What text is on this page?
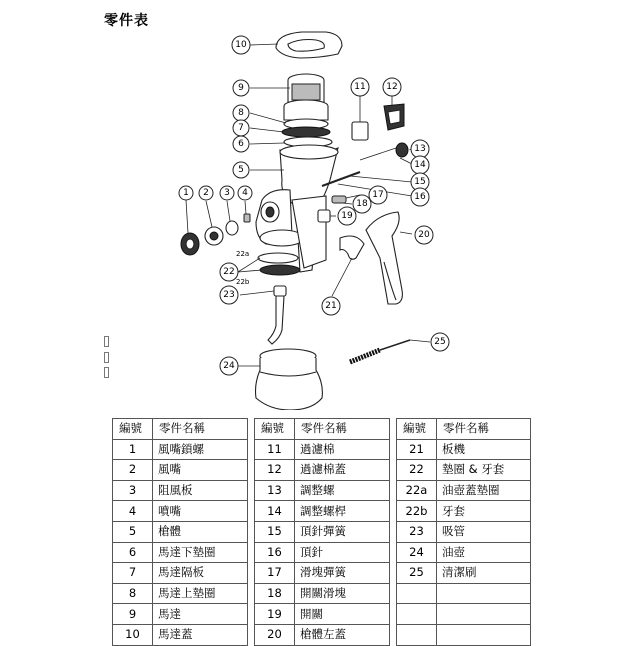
零件表
10
9
8
7
6
5
11 12
13
14
15
16
17
18
19
20
21
1 2 3 4
22a
22b
22
23
24
25
編號	零件名稱
1	風嘴鎖螺
2	風嘴
3	阻風板
4	噴嘴
5	槍體
6	馬達下墊圈
7	馬達隔板
8	馬達上墊圈
9	馬達
10	馬達蓋
編號	零件名稱
11	過濾棉
12	過濾棉蓋
13	調整螺
14	調整螺桿
15	頂針彈簧
16	頂針
17	滑塊彈簧
18	開關滑塊
19	開關
20	槍體左蓋
編號	零件名稱
21	板機
22	墊圈 & 牙套
22a	油壺蓋墊圈
22b	牙套
23	吸管
24	油壺
25	清潔刷
